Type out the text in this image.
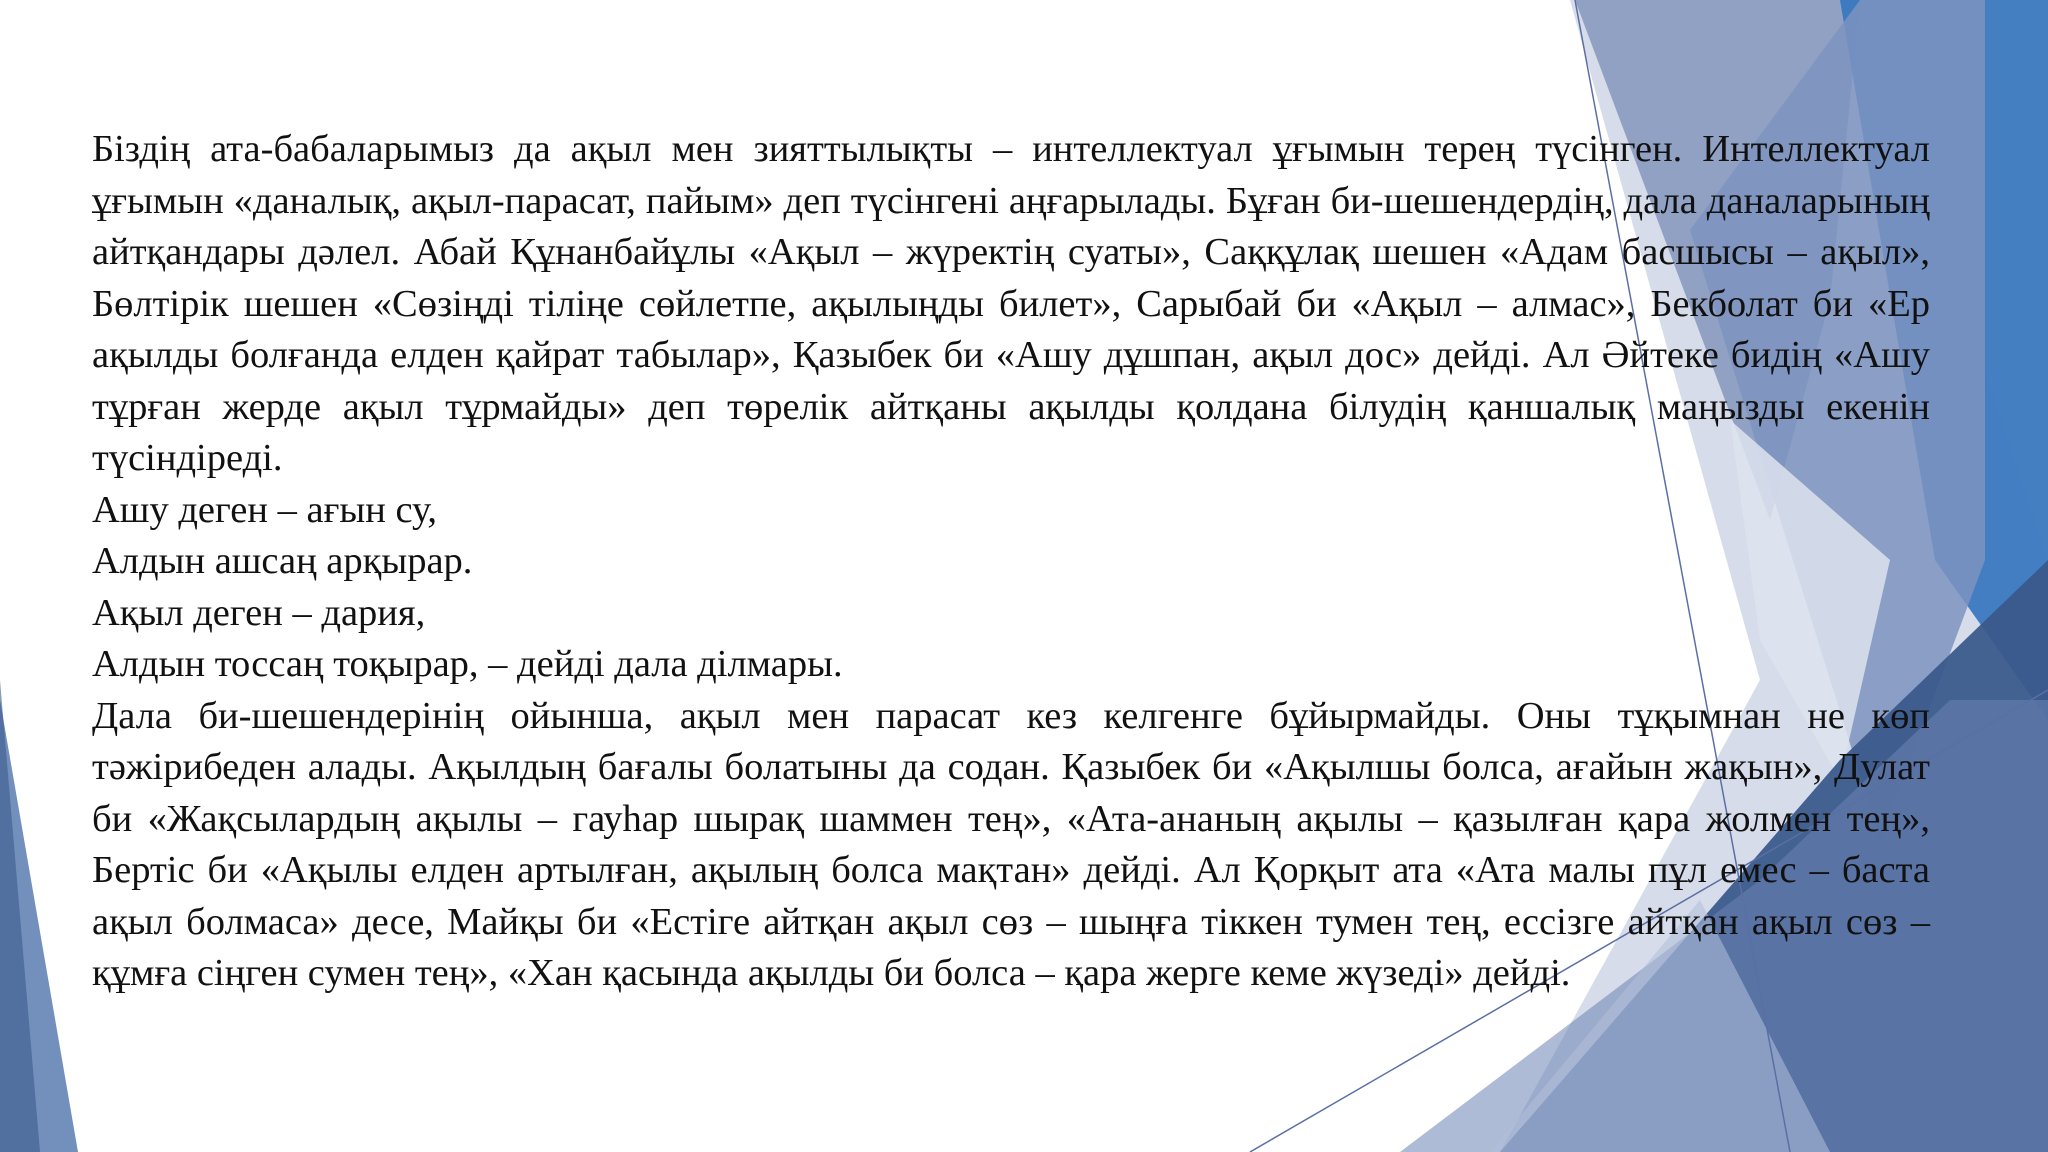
Біздің ата-бабаларымыз да ақыл мен зияттылықты – интеллектуал ұғымын терең түсінген. Интеллектуал ұғымын «даналық, ақыл-парасат, пайым» деп түсінгені аңғарылады. Бұған би-шешендердің, дала даналарының айтқандары дәлел. Абай Құнанбайұлы «Ақыл – жүректің суаты», Саққұлақ шешен «Адам басшысы – ақыл», Бөлтірік шешен «Сөзіңді тіліңе сөйлетпе, ақылыңды билет», Сарыбай би «Ақыл – алмас», Бекболат би «Ер ақылды болғанда елден қайрат табылар», Қазыбек би «Ашу дұшпан, ақыл дос» дейді. Ал Әйтеке бидің «Ашу тұрған жерде ақыл тұрмайды» деп төрелік айтқаны ақылды қолдана білудің қаншалық маңызды екенін түсіндіреді.

Ашу деген – ағын су,

Алдын ашсаң арқырар.

Ақыл деген – дария,

Алдын тоссаң тоқырар, – дейді дала ділмары.

Дала би-шешендерінің ойынша, ақыл мен парасат кез келгенге бұйырмайды. Оны тұқымнан не көп тәжірибеден алады. Ақылдың бағалы болатыны да содан. Қазыбек би «Ақылшы болса, ағайын жақын», Дулат би «Жақсылардың ақылы – гауһар шырақ шаммен тең», «Ата-ананың ақылы – қазылған қара жолмен тең», Бертіс би «Ақылы елден артылған, ақылың болса мақтан» дейді. Ал Қорқыт ата «Ата малы пұл емес – баста ақыл болмаса» десе, Майқы би «Естіге айтқан ақыл сөз – шыңға тіккен тумен тең, ессізге айтқан ақыл сөз – құмға сіңген сумен тең», «Хан қасында ақылды би болса – қара жерге кеме жүзеді» дейді.
